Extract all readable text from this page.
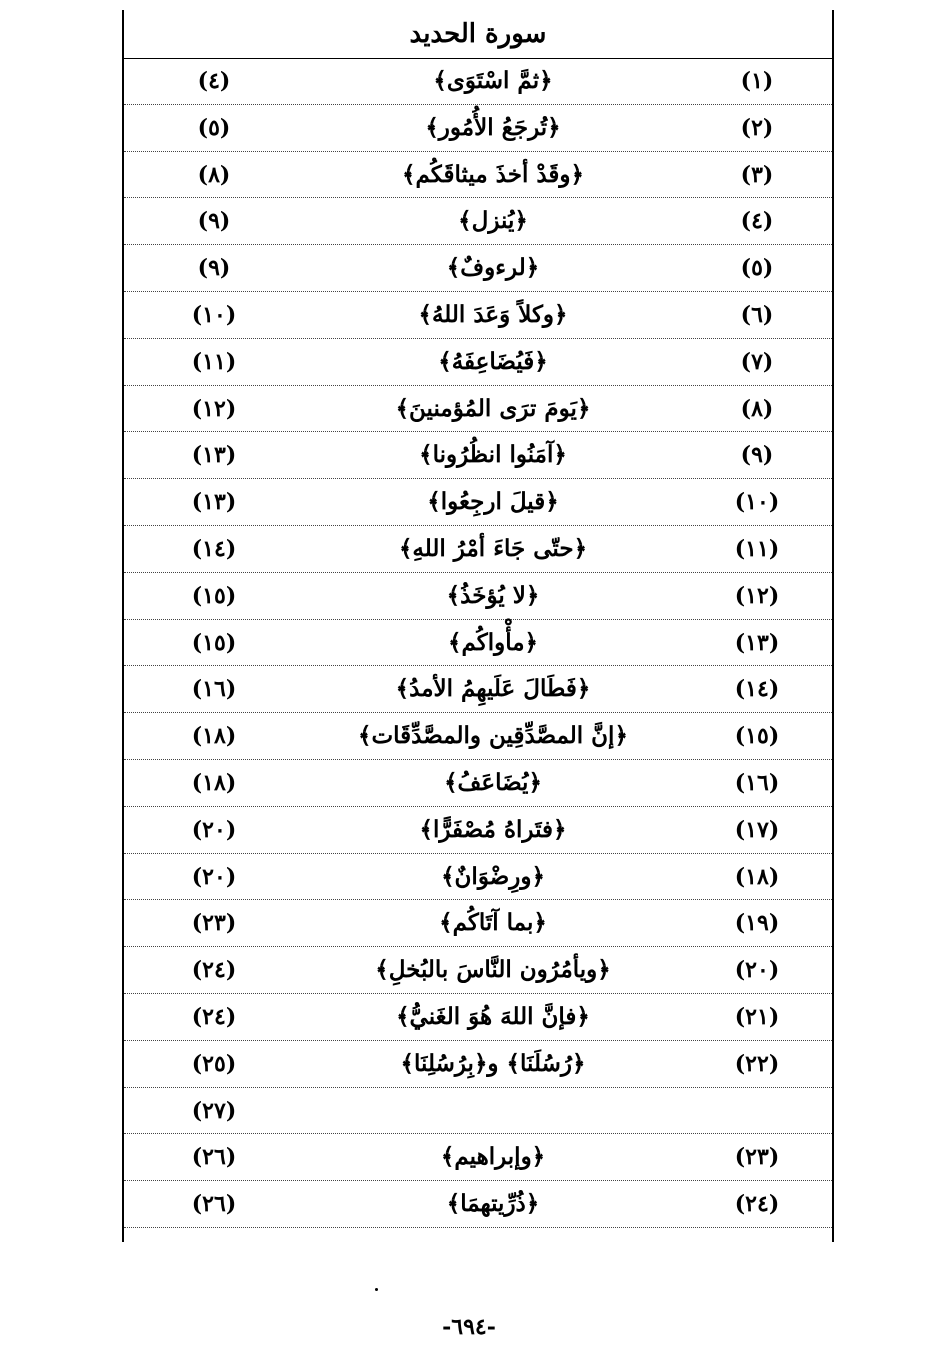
سورة الحديد
(٤)	﴿ثمَّ اسْتَوَى﴾	(١)
(٥)	﴿تُرجَعُ الأُمُور﴾	(٢)
(٨)	﴿وقَدْ أخذَ ميثاقَكُم﴾	(٣)
(٩)	﴿يُنزل﴾	(٤)
(٩)	﴿لرءوفٌ﴾	(٥)
(١٠)	﴿وكلاً وَعَدَ اللهُ﴾	(٦)
(١١)	﴿فَيُضَاعِفَهُ﴾	(٧)
(١٢)	﴿يَومَ ترَى المُؤمنينَ﴾	(٨)
(١٣)	﴿آمَنُوا انظُرُونا﴾	(٩)
(١٣)	﴿قيلَ ارجِعُوا﴾	(١٠)
(١٤)	﴿حتّى جَاءَ أمْرُ اللهِ﴾	(١١)
(١٥)	﴿لا يُؤخَذُ﴾	(١٢)
(١٥)	﴿مأْواكُم﴾	(١٣)
(١٦)	﴿فَطَالَ عَلَيهِمُ الأمدُ﴾	(١٤)
(١٨)	﴿إنَّ المصَّدِّقِين والمصَّدِّقَات﴾	(١٥)
(١٨)	﴿يُضَاعَفُ﴾	(١٦)
(٢٠)	﴿فتَراهُ مُصْفَرًّا﴾	(١٧)
(٢٠)	﴿ورِضْوَانٌ﴾	(١٨)
(٢٣)	﴿بما آتَاكُم﴾	(١٩)
(٢٤)	﴿ويأمُرُون النَّاسَ بالبُخلِ﴾	(٢٠)
(٢٤)	﴿فإنَّ اللهَ هُوَ الغَنيُّ﴾	(٢١)
(٢٥)	﴿رُسُلَنَا﴾ و﴿بِرُسُلِنَا﴾	(٢٢)
(٢٧)
(٢٦)	﴿وإبراهيم﴾	(٢٣)
(٢٦)	﴿ذُرِّيتهمَا﴾	(٢٤)
-٦٩٤-
